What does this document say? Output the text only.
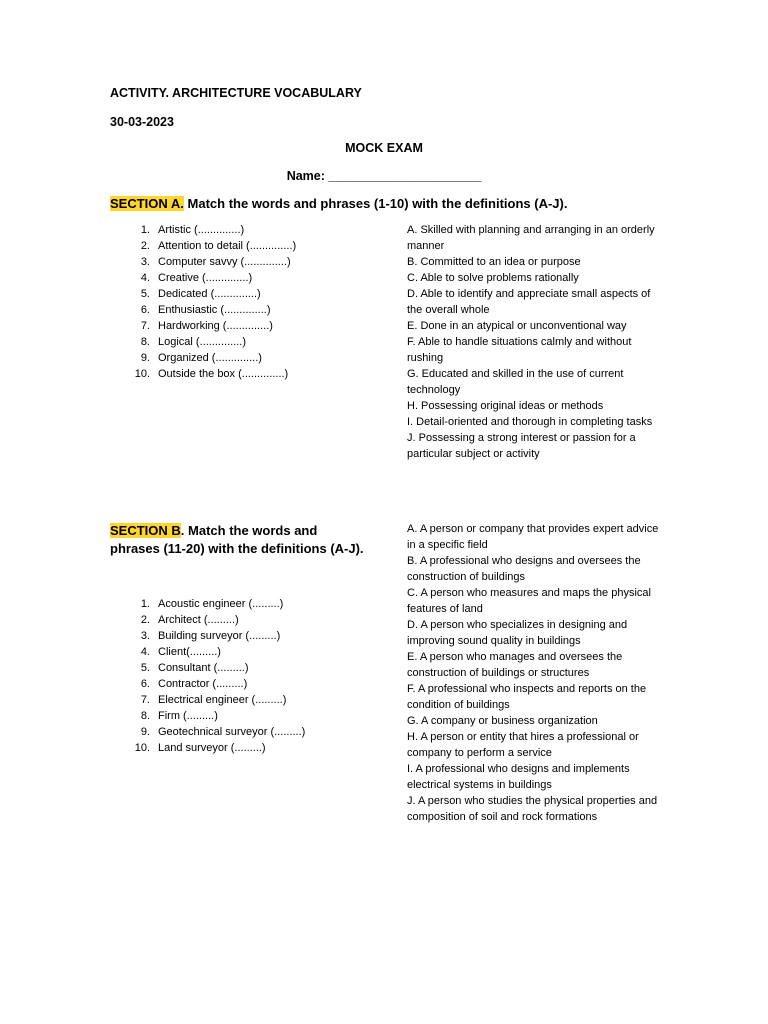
ACTIVITY. ARCHITECTURE VOCABULARY
30-03-2023
MOCK EXAM
Name: ______________________
SECTION A. Match the words and phrases (1-10) with the definitions (A-J).
1. Artistic (..............)
2. Attention to detail (..............)
3. Computer savvy (..............)
4. Creative (..............)
5. Dedicated (..............)
6. Enthusiastic (..............)
7. Hardworking (..............)
8. Logical (..............)
9. Organized (..............)
10. Outside the box (..............)
A. Skilled with planning and arranging in an orderly manner
B. Committed to an idea or purpose
C. Able to solve problems rationally
D. Able to identify and appreciate small aspects of the overall whole
E. Done in an atypical or unconventional way
F. Able to handle situations calmly and without rushing
G. Educated and skilled in the use of current technology
H. Possessing original ideas or methods
I. Detail-oriented and thorough in completing tasks
J. Possessing a strong interest or passion for a particular subject or activity
SECTION B. Match the words and phrases (11-20) with the definitions (A-J).
1. Acoustic engineer (.........)
2. Architect (.........)
3. Building surveyor (.........)
4. Client(.........)
5. Consultant (.........)
6. Contractor (.........)
7. Electrical engineer (.........)
8. Firm (.........)
9. Geotechnical surveyor (.........)
10. Land surveyor (.........)
A. A person or company that provides expert advice in a specific field
B. A professional who designs and oversees the construction of buildings
C. A person who measures and maps the physical features of land
D. A person who specializes in designing and improving sound quality in buildings
E. A person who manages and oversees the construction of buildings or structures
F. A professional who inspects and reports on the condition of buildings
G. A company or business organization
H. A person or entity that hires a professional or company to perform a service
I. A professional who designs and implements electrical systems in buildings
J. A person who studies the physical properties and composition of soil and rock formations
